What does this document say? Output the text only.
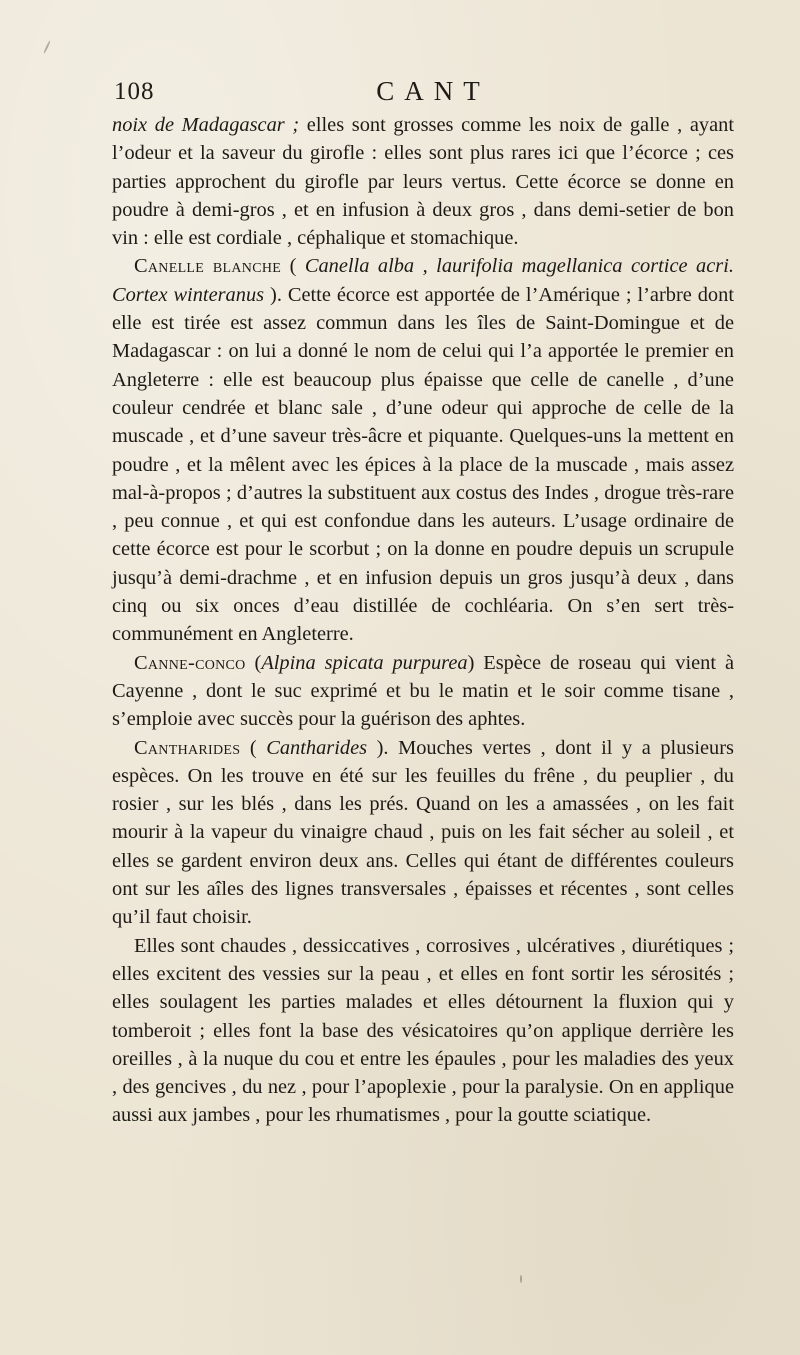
108	CANT

noix de Madagascar ; elles sont grosses comme les noix de galle , ayant l’odeur et la saveur du girofle : elles sont plus rares ici que l’écorce ; ces parties approchent du girofle par leurs vertus. Cette écorce se donne en poudre à demi-gros , et en infusion à deux gros , dans demi-setier de bon vin : elle est cordiale , céphalique et stomachique.

Canelle blanche ( Canella alba , laurifolia magellanica cortice acri. Cortex winteranus ). Cette écorce est apportée de l’Amérique ; l’arbre dont elle est tirée est assez commun dans les îles de Saint-Domingue et de Madagascar : on lui a donné le nom de celui qui l’a apportée le premier en Angleterre : elle est beaucoup plus épaisse que celle de canelle , d’une couleur cendrée et blanc sale , d’une odeur qui approche de celle de la muscade , et d’une saveur très-âcre et piquante. Quelques-uns la mettent en poudre , et la mêlent avec les épices à la place de la muscade , mais assez mal-à-propos ; d’autres la substituent aux costus des Indes , drogue très-rare , peu connue , et qui est confondue dans les auteurs. L’usage ordinaire de cette écorce est pour le scorbut ; on la donne en poudre depuis un scrupule jusqu’à demi-drachme , et en infusion depuis un gros jusqu’à deux , dans cinq ou six onces d’eau distillée de cochléaria. On s’en sert très-communément en Angleterre.

Canne-conco (Alpina spicata purpurea) Espèce de roseau qui vient à Cayenne , dont le suc exprimé et bu le matin et le soir comme tisane , s’emploie avec succès pour la guérison des aphtes.

Cantharides ( Cantharides ). Mouches vertes , dont il y a plusieurs espèces. On les trouve en été sur les feuilles du frêne , du peuplier , du rosier , sur les blés , dans les prés. Quand on les a amassées , on les fait mourir à la vapeur du vinaigre chaud , puis on les fait sécher au soleil , et elles se gardent environ deux ans. Celles qui étant de différentes couleurs ont sur les aîles des lignes transversales , épaisses et récentes , sont celles qu’il faut choisir.

Elles sont chaudes , dessiccatives , corrosives , ulcératives , diurétiques ; elles excitent des vessies sur la peau , et elles en font sortir les sérosités ; elles soulagent les parties malades et elles détournent la fluxion qui y tomberoit ; elles font la base des vésicatoires qu’on applique derrière les oreilles , à la nuque du cou et entre les épaules , pour les maladies des yeux , des gencives , du nez , pour l’apoplexie , pour la paralysie. On en applique aussi aux jambes , pour les rhumatismes , pour la goutte sciatique.
